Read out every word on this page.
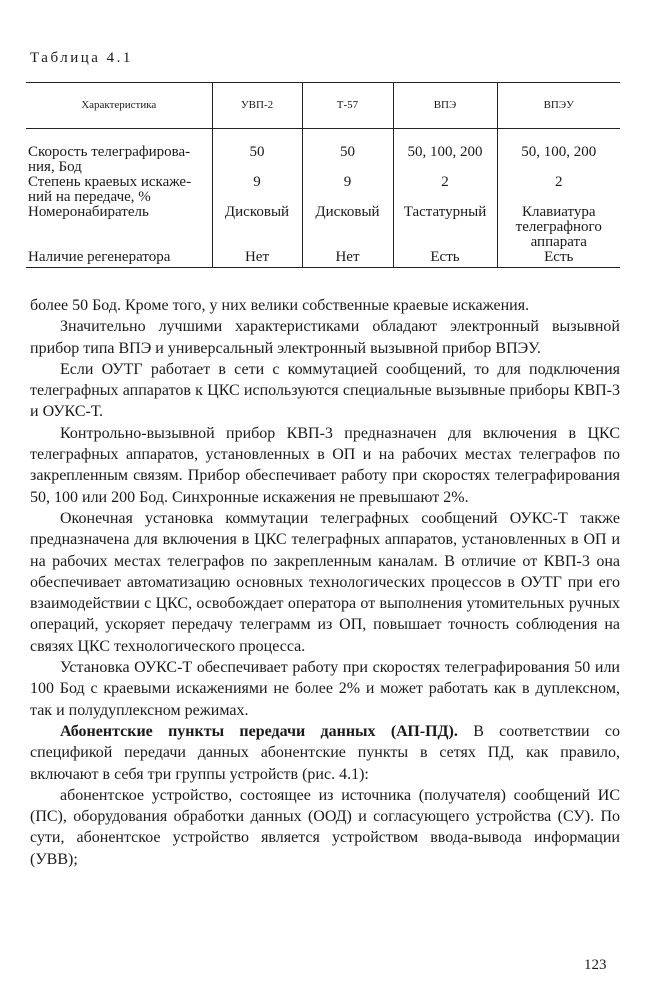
Таблица 4.1
Характеристика	УВП-2	Т-57	ВПЭ	ВПЭУ
Скорость телеграфирова-ния, Бод	50	50	50, 100, 200	50, 100, 200
Степень краевых искаже-ний на передаче, %	9	9	2	2
Номеронабиратель	Дисковый	Дисковый	Тастатурный	Клавиатура телеграфного аппарата
Наличие регенератора	Нет	Нет	Есть	Есть

более 50 Бод. Кроме того, у них велики собственные краевые искажения.

Значительно лучшими характеристиками обладают электронный вызывной прибор типа ВПЭ и универсальный электронный вызывной прибор ВПЭУ.

Если ОУТГ работает в сети с коммутацией сообщений, то для подключения телеграфных аппаратов к ЦКС используются специальные вызывные приборы КВП-3 и ОУКС-Т.

Контрольно-вызывной прибор КВП-3 предназначен для включения в ЦКС телеграфных аппаратов, установленных в ОП и на рабочих местах телеграфов по закрепленным связям. Прибор обеспечивает работу при скоростях телеграфирования 50, 100 или 200 Бод. Синхронные искажения не превышают 2%.

Оконечная установка коммутации телеграфных сообщений ОУКС-Т также предназначена для включения в ЦКС телеграфных аппаратов, установленных в ОП и на рабочих местах телеграфов по закрепленным каналам. В отличие от КВП-3 она обеспечивает автоматизацию основных технологических процессов в ОУТГ при его взаимодействии с ЦКС, освобождает оператора от выполнения утомительных ручных операций, ускоряет передачу телеграмм из ОП, повышает точность соблюдения на связях ЦКС технологического процесса.

Установка ОУКС-Т обеспечивает работу при скоростях телеграфирования 50 или 100 Бод с краевыми искажениями не более 2% и может работать как в дуплексном, так и полудуплексном режимах.

Абонентские пункты передачи данных (АП-ПД). В соответствии со спецификой передачи данных абонентские пункты в сетях ПД, как правило, включают в себя три группы устройств (рис. 4.1):

абонентское устройство, состоящее из источника (получателя) сообщений ИС (ПС), оборудования обработки данных (ООД) и согласующего устройства (СУ). По сути, абонентское устройство является устройством ввода-вывода информации (УВВ);

123
